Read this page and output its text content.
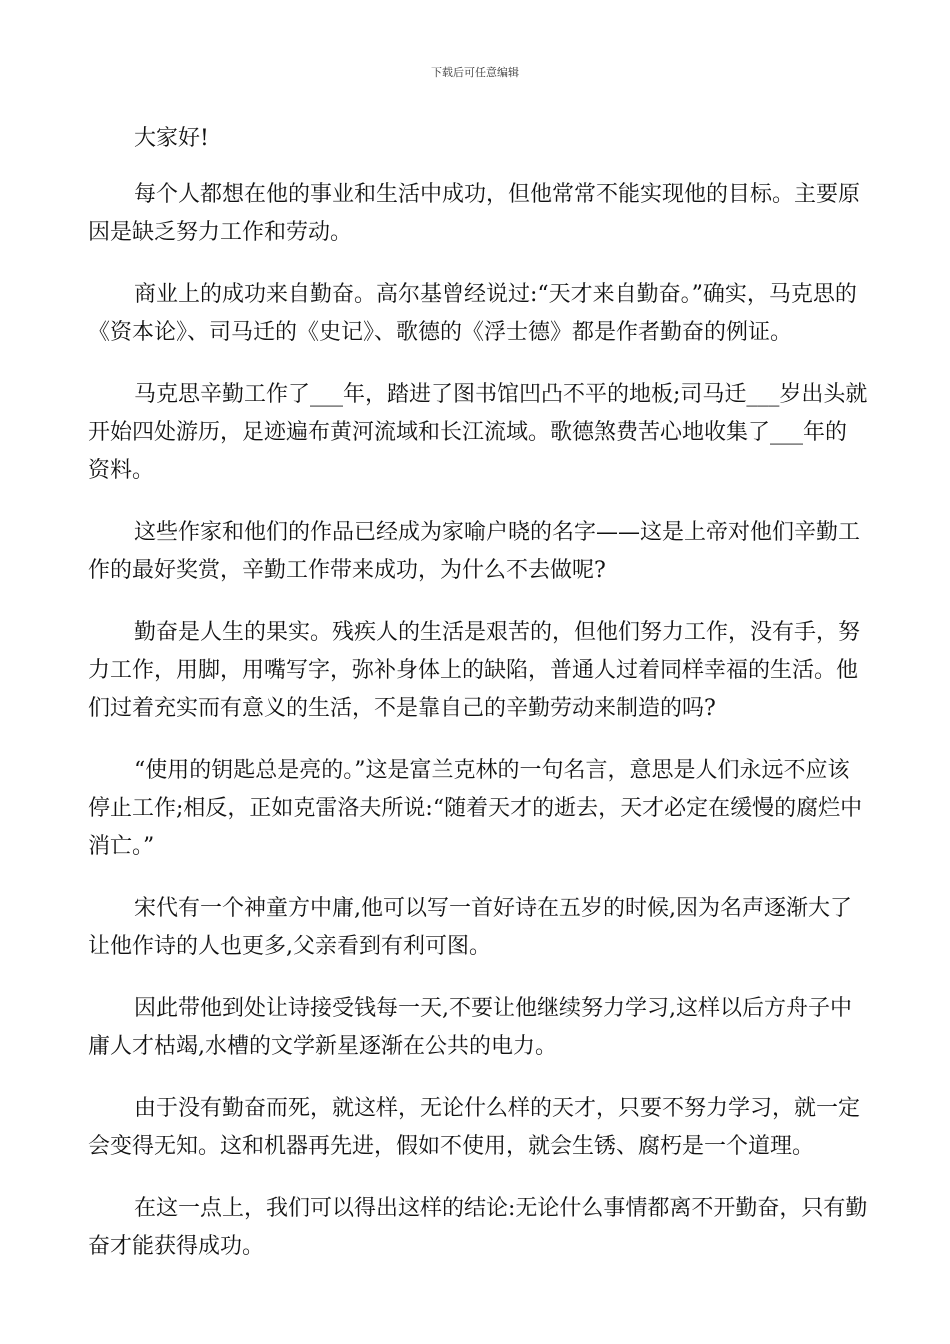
下载后可任意编辑

大家好!

每个人都想在他的事业和生活中成功，但他常常不能实现他的目标。主要原因是缺乏努力工作和劳动。

商业上的成功来自勤奋。高尔基曾经说过:“天才来自勤奋。”确实，马克思的《资本论》、司马迁的《史记》、歌德的《浮士德》都是作者勤奋的例证。

马克思辛勤工作了___年，踏进了图书馆凹凸不平的地板;司马迁___岁出头就开始四处游历，足迹遍布黄河流域和长江流域。歌德煞费苦心地收集了___年的资料。

这些作家和他们的作品已经成为家喻户晓的名字——这是上帝对他们辛勤工作的最好奖赏，辛勤工作带来成功，为什么不去做呢?

勤奋是人生的果实。残疾人的生活是艰苦的，但他们努力工作，没有手，努力工作，用脚，用嘴写字，弥补身体上的缺陷，普通人过着同样幸福的生活。他们过着充实而有意义的生活，不是靠自己的辛勤劳动来制造的吗?

“使用的钥匙总是亮的。”这是富兰克林的一句名言，意思是人们永远不应该停止工作;相反，正如克雷洛夫所说:“随着天才的逝去，天才必定在缓慢的腐烂中消亡。”

宋代有一个神童方中庸,他可以写一首好诗在五岁的时候,因为名声逐渐大了让他作诗的人也更多,父亲看到有利可图。

因此带他到处让诗接受钱每一天,不要让他继续努力学习,这样以后方舟子中庸人才枯竭,水槽的文学新星逐渐在公共的电力。

由于没有勤奋而死，就这样，无论什么样的天才，只要不努力学习，就一定会变得无知。这和机器再先进，假如不使用，就会生锈、腐朽是一个道理。

在这一点上，我们可以得出这样的结论:无论什么事情都离不开勤奋，只有勤奋才能获得成功。
